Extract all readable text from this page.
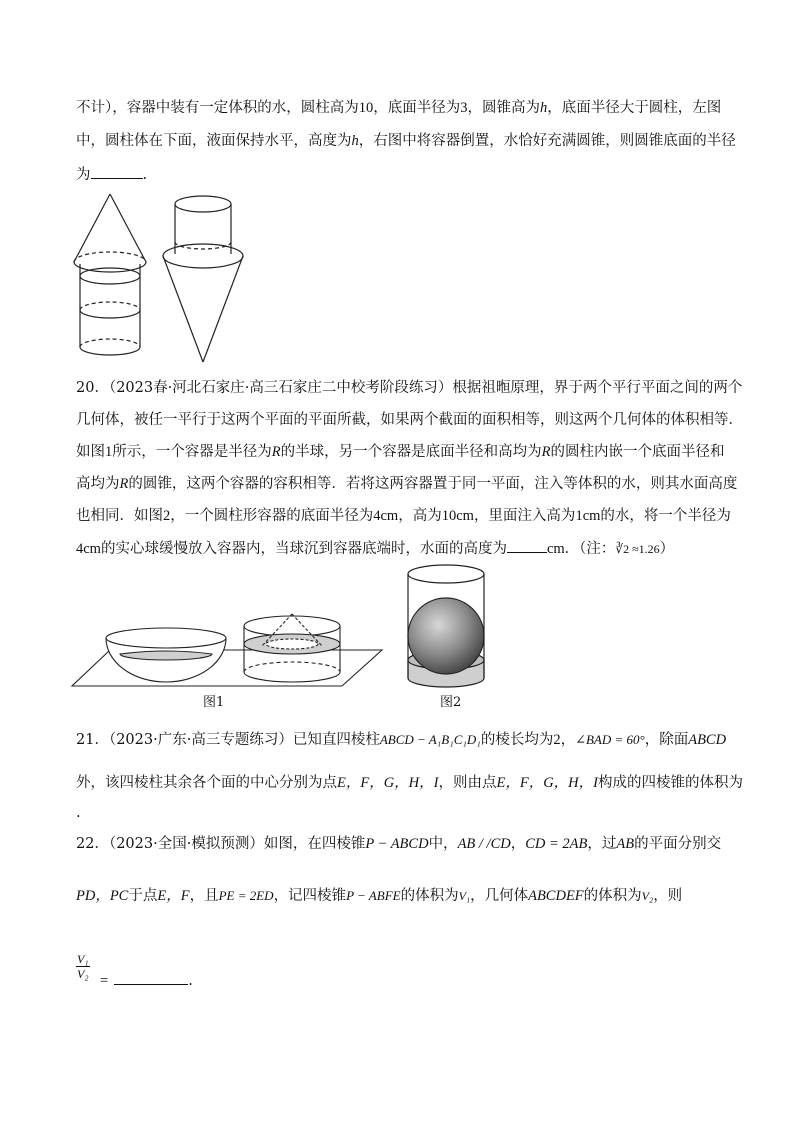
不计），容器中装有一定体积的水，圆柱高为10，底面半径为3，圆锥高为h，底面半径大于圆柱，左图
中，圆柱体在下面，液面保持水平，高度为h，右图中将容器倒置，水恰好充满圆锥，则圆锥底面的半径
为	.
20．（2023春·河北石家庄·高三石家庄二中校考阶段练习）根据祖暅原理，界于两个平行平面之间的两个
几何体，被任一平行于这两个平面的平面所截，如果两个截面的面积相等，则这两个几何体的体积相等．
如图1所示，一个容器是半径为R的半球，另一个容器是底面半径和高均为R的圆柱内嵌一个底面半径和
高均为R的圆锥，这两个容器的容积相等．若将这两容器置于同一平面，注入等体积的水，则其水面高度
也相同．如图2，一个圆柱形容器的底面半径为4cm，高为10cm，里面注入高为1cm的水，将一个半径为
4cm的实心球缓慢放入容器内，当球沉到容器底端时，水面的高度为	cm．（注：∛2 ≈1.26）
图1	图2
21．（2023·广东·高三专题练习）已知直四棱柱ABCD − A₁B₁C₁D₁的棱长均为2，∠BAD = 60°，除面ABCD
外，该四棱柱其余各个面的中心分别为点E，F，G，H，I，则由点E，F，G，H，I构成的四棱锥的体积为
.
22．（2023·全国·模拟预测）如图，在四棱锥P − ABCD中，AB / /CD，CD = 2AB，过AB的平面分别交
PD，PC于点E，F，且PE = 2ED，记四棱锥P − ABFE的体积为V₁，几何体ABCDEF的体积为V₂，则
$\frac{\text{V₁}}{\text{V₂}}$ =	.
